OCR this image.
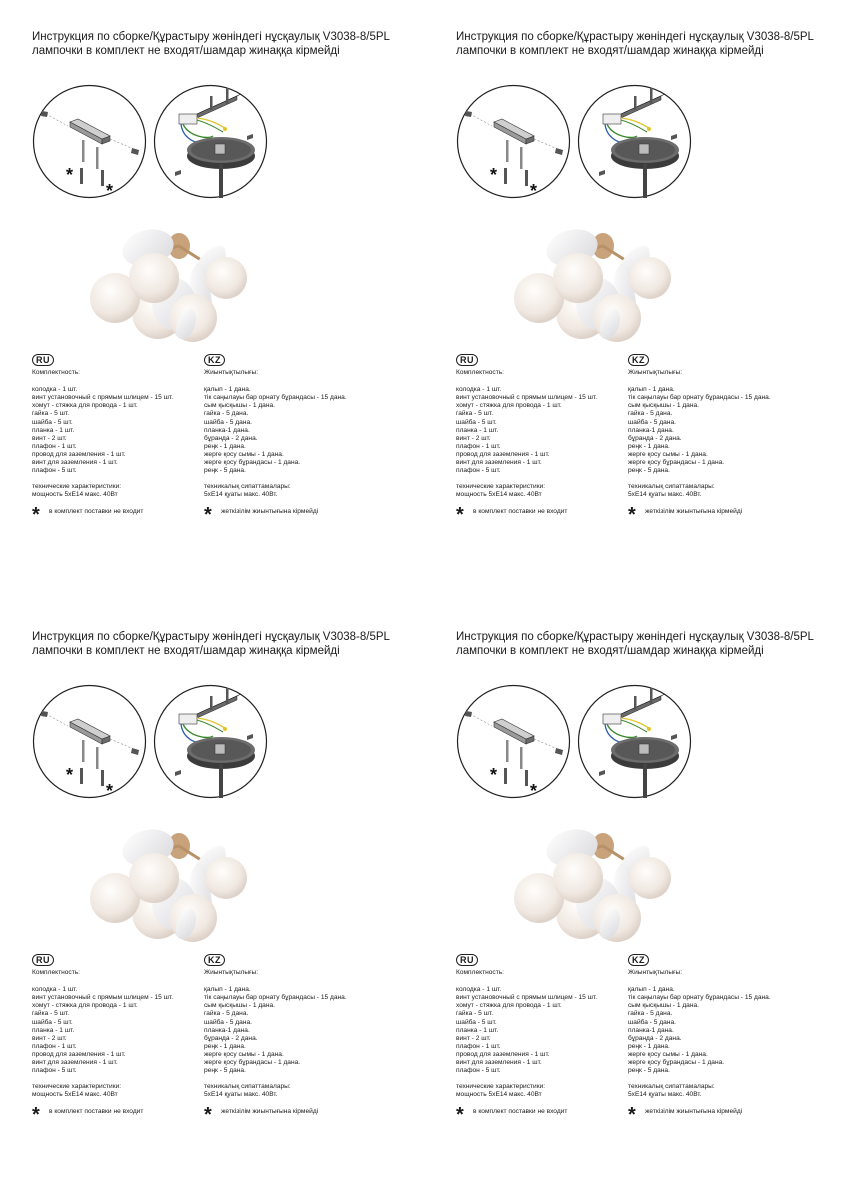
Инструкция по сборке/Құрастыру жөніндегі нұсқаулық V3038-8/5PL
лампочки в комплект не входят/шамдар жинаққа кірмейді
*
*
RU
Комплектность:
колодка - 1 шт.
винт установочный с прямым шлицем - 15 шт.
хомут - стяжка для провода - 1 шт.
гайка - 5 шт.
шайба - 5 шт.
планка - 1 шт.
винт - 2 шт.
плафон - 1 шт.
провод для заземления - 1 шт.
винт для заземления - 1 шт.
плафон - 5 шт.
технические характеристики:
мощность 5xE14 макс. 40Вт
*	в комплект поставки не входит
KZ
Жиынтықтылығы:
қалып - 1 дана.
тік саңылауы бар орнату бұрандасы - 15 дана.
сым қысқышы - 1 дана.
гайка - 5 дана.
шайба - 5 дана.
планка-1 дана.
бұранда - 2 дана.
реңк - 1 дана.
жерге қосу сымы - 1 дана.
жерге қосу бұрандасы - 1 дана.
реңк - 5 дана.
техникалық сипаттамалары:
5xE14 қуаты макс. 40Вт.
*	жеткізілім жиынтығына кірмейді
Инструкция по сборке/Құрастыру жөніндегі нұсқаулық V3038-8/5PL
лампочки в комплект не входят/шамдар жинаққа кірмейді
*
*
RU
Комплектность:
колодка - 1 шт.
винт установочный с прямым шлицем - 15 шт.
хомут - стяжка для провода - 1 шт.
гайка - 5 шт.
шайба - 5 шт.
планка - 1 шт.
винт - 2 шт.
плафон - 1 шт.
провод для заземления - 1 шт.
винт для заземления - 1 шт.
плафон - 5 шт.
технические характеристики:
мощность 5xE14 макс. 40Вт
*	в комплект поставки не входит
KZ
Жиынтықтылығы:
қалып - 1 дана.
тік саңылауы бар орнату бұрандасы - 15 дана.
сым қысқышы - 1 дана.
гайка - 5 дана.
шайба - 5 дана.
планка-1 дана.
бұранда - 2 дана.
реңк - 1 дана.
жерге қосу сымы - 1 дана.
жерге қосу бұрандасы - 1 дана.
реңк - 5 дана.
техникалық сипаттамалары:
5xE14 қуаты макс. 40Вт.
*	жеткізілім жиынтығына кірмейді
Инструкция по сборке/Құрастыру жөніндегі нұсқаулық V3038-8/5PL
лампочки в комплект не входят/шамдар жинаққа кірмейді
*
*
RU
Комплектность:
колодка - 1 шт.
винт установочный с прямым шлицем - 15 шт.
хомут - стяжка для провода - 1 шт.
гайка - 5 шт.
шайба - 5 шт.
планка - 1 шт.
винт - 2 шт.
плафон - 1 шт.
провод для заземления - 1 шт.
винт для заземления - 1 шт.
плафон - 5 шт.
технические характеристики:
мощность 5xE14 макс. 40Вт
*	в комплект поставки не входит
KZ
Жиынтықтылығы:
қалып - 1 дана.
тік саңылауы бар орнату бұрандасы - 15 дана.
сым қысқышы - 1 дана.
гайка - 5 дана.
шайба - 5 дана.
планка-1 дана.
бұранда - 2 дана.
реңк - 1 дана.
жерге қосу сымы - 1 дана.
жерге қосу бұрандасы - 1 дана.
реңк - 5 дана.
техникалық сипаттамалары:
5xE14 қуаты макс. 40Вт.
*	жеткізілім жиынтығына кірмейді
Инструкция по сборке/Құрастыру жөніндегі нұсқаулық V3038-8/5PL
лампочки в комплект не входят/шамдар жинаққа кірмейді
*
*
RU
Комплектность:
колодка - 1 шт.
винт установочный с прямым шлицем - 15 шт.
хомут - стяжка для провода - 1 шт.
гайка - 5 шт.
шайба - 5 шт.
планка - 1 шт.
винт - 2 шт.
плафон - 1 шт.
провод для заземления - 1 шт.
винт для заземления - 1 шт.
плафон - 5 шт.
технические характеристики:
мощность 5xE14 макс. 40Вт
*	в комплект поставки не входит
KZ
Жиынтықтылығы:
қалып - 1 дана.
тік саңылауы бар орнату бұрандасы - 15 дана.
сым қысқышы - 1 дана.
гайка - 5 дана.
шайба - 5 дана.
планка-1 дана.
бұранда - 2 дана.
реңк - 1 дана.
жерге қосу сымы - 1 дана.
жерге қосу бұрандасы - 1 дана.
реңк - 5 дана.
техникалық сипаттамалары:
5xE14 қуаты макс. 40Вт.
*	жеткізілім жиынтығына кірмейді
